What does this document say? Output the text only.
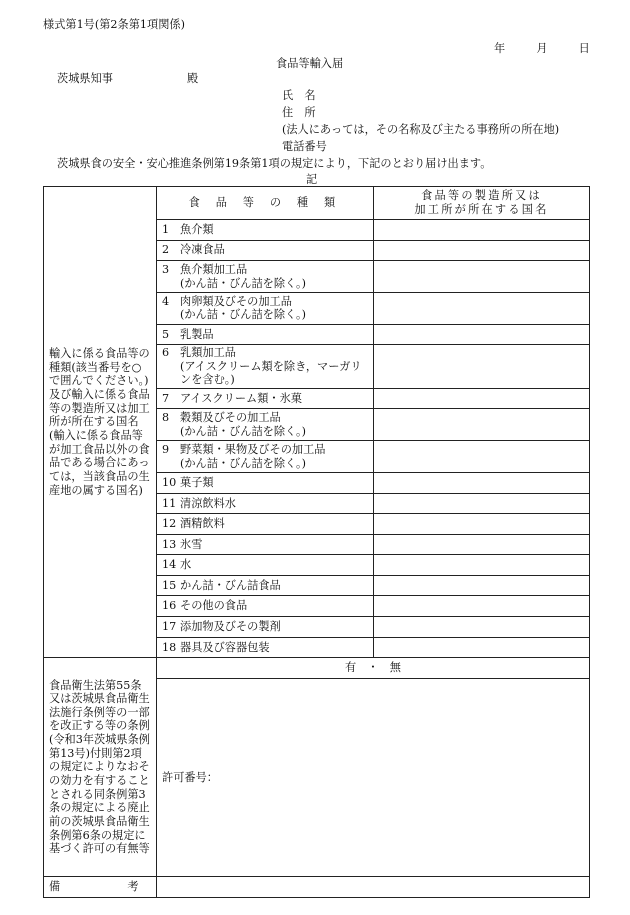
様式第1号(第2条第1項関係)
年	月	日
食品等輸入届
茨城県知事	殿
氏　名
住　所
(法人にあっては，その名称及び主たる事務所の所在地)
電話番号
茨城県食の安全・安心推進条例第19条第1項の規定により，下記のとおり届け出ます。
記
輸入に係る食品等の種類(該当番号を○で囲んでください。)及び輸入に係る食品等の製造所又は加工所が所在する国名(輸入に係る食品等が加工食品以外の食品である場合にあっては，当該食品の生産地の属する国名)	食 品 等 の 種 類	食品等の製造所又は
加工所が所在する国名

	1 魚介類	

	2 冷凍食品	

	3 魚介類加工品
(かん詰・びん詰を除く。)	

	4 肉卵類及びその加工品
(かん詰・びん詰を除く。)	

	5 乳製品	

	6 乳類加工品
(アイスクリーム類を除き，マーガリンを含む。)	

	7 アイスクリーム類・氷菓	

	8 穀類及びその加工品
(かん詰・びん詰を除く。)	

	9 野菜類・果物及びその加工品
(かん詰・びん詰を除く。)	

	10 菓子類	

	11 清涼飲料水	

	12 酒精飲料	

	13 氷雪	

	14 水	

	15 かん詰・びん詰食品	

	16 その他の食品	

	17 添加物及びその製剤	

	18 器具及び容器包装	

食品衛生法第55条又は茨城県食品衛生法施行条例等の一部を改正する等の条例(令和3年茨城県条例第13号)付則第2項の規定によりなおその効力を有することとされる同条例第3条の規定による廃止前の茨城県食品衛生条例第6条の規定に基づく許可の有無等	有　・　無	
	許可番号：	
備　　　　　　考		
